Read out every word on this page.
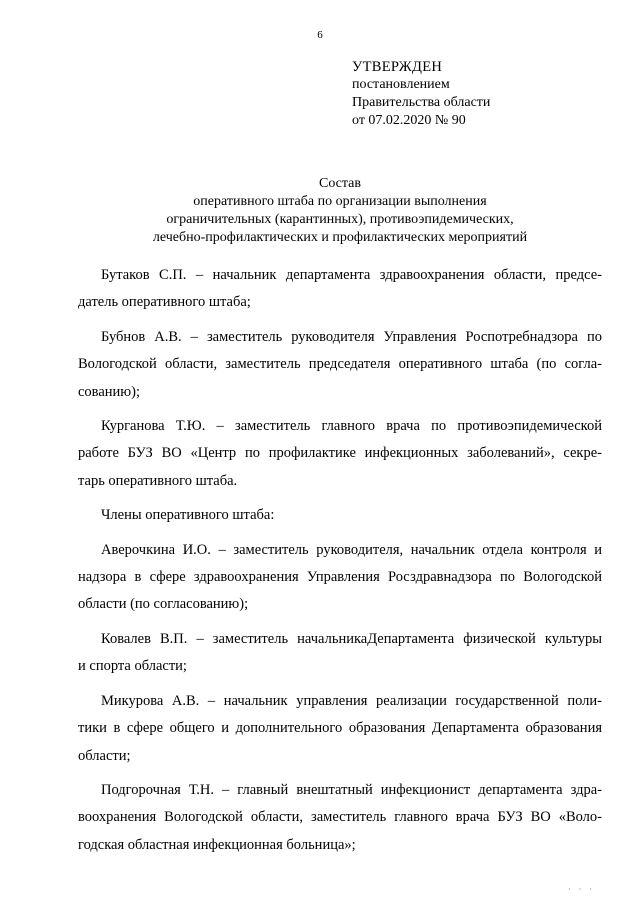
6
УТВЕРЖДЕН
постановлением
Правительства области
от 07.02.2020 № 90
Состав
оперативного штаба по организации выполнения
ограничительных (карантинных), противоэпидемических,
лечебно-профилактических и профилактических мероприятий

Бутаков С.П. – начальник департамента здравоохранения области, предсе-
датель оперативного штаба;

Бубнов А.В. – заместитель руководителя Управления Роспотребнадзора по
Вологодской области, заместитель председателя оперативного штаба (по согла-
сованию);

Курганова Т.Ю. – заместитель главного врача по противоэпидемической
работе БУЗ ВО «Центр по профилактике инфекционных заболеваний», секре-
тарь оперативного штаба.

Члены оперативного штаба:

Аверочкина И.О. – заместитель руководителя, начальник отдела контроля и
надзора в сфере здравоохранения Управления Росздравнадзора по Вологодской
области (по согласованию);

Ковалев В.П. – заместитель начальникаДепартамента физической культуры
и спорта области;

Микурова А.В. – начальник управления реализации государственной поли-
тики в сфере общего и дополнительного образования Департамента образования
области;

Подгорочная Т.Н. – главный внештатный инфекционист департамента здра-
воохранения Вологодской области, заместитель главного врача БУЗ ВО «Воло-
годская областная инфекционная больница»;

· · ·
